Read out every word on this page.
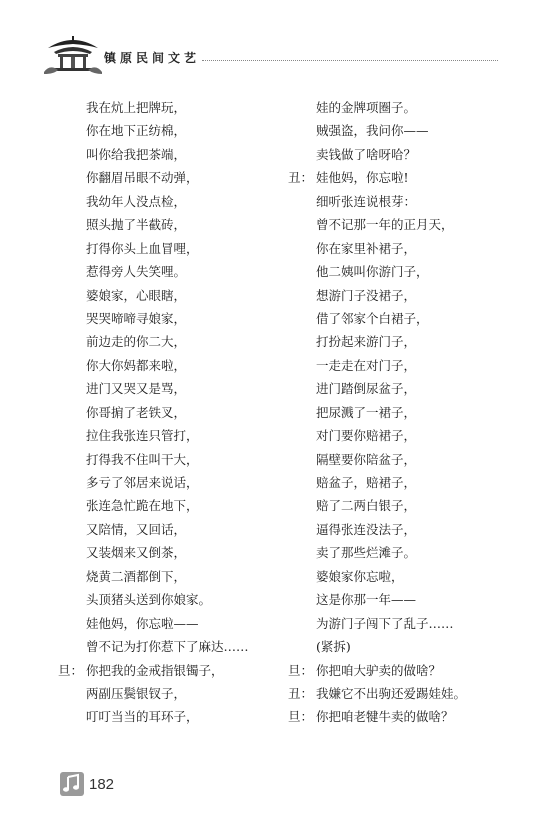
镇原民间文艺
我在炕上把牌玩，
你在地下正纺棉，
叫你给我把茶端，
你翻眉吊眼不动弹，
我幼年人没点检，
照头抛了半截砖，
打得你头上血冒哩，
惹得旁人失笑哩。
婆娘家，心眼瞎，
哭哭啼啼寻娘家，
前边走的你二大，
你大你妈都来啦，
进门又哭又是骂，
你哥掮了老铁叉，
拉住我张连只管打，
打得我不住叫干大，
多亏了邻居来说话，
张连急忙跪在地下，
又陪情，又回话，
又装烟来又倒茶，
烧黄二酒都倒下，
头顶猪头送到你娘家。
娃他妈，你忘啦——
曾不记为打你惹下了麻达……
旦： 你把我的金戒指银镯子，
两副压鬓银钗子，
叮叮当当的耳环子，
娃的金牌项圈子。
贼强盗，我问你——
卖钱做了啥呀哈？
丑： 娃他妈，你忘啦!
细听张连说根芽：
曾不记那一年的正月天，
你在家里补裙子，
他二姨叫你游门子，
想游门子没裙子，
借了邻家个白裙子，
打扮起来游门子，
一走走在对门子，
进门踏倒尿盆子，
把尿溅了一裙子，
对门要你赔裙子，
隔壁要你陪盆子，
赔盆子，赔裙子，
赔了二两白银子，
逼得张连没法子，
卖了那些烂滩子。
婆娘家你忘啦，
这是你那一年——
为游门子闯下了乱子……
(紧拆)
旦： 你把咱大驴卖的做啥？
丑： 我嫌它不出驹还爱踢娃娃。
旦： 你把咱老犍牛卖的做啥？
182
